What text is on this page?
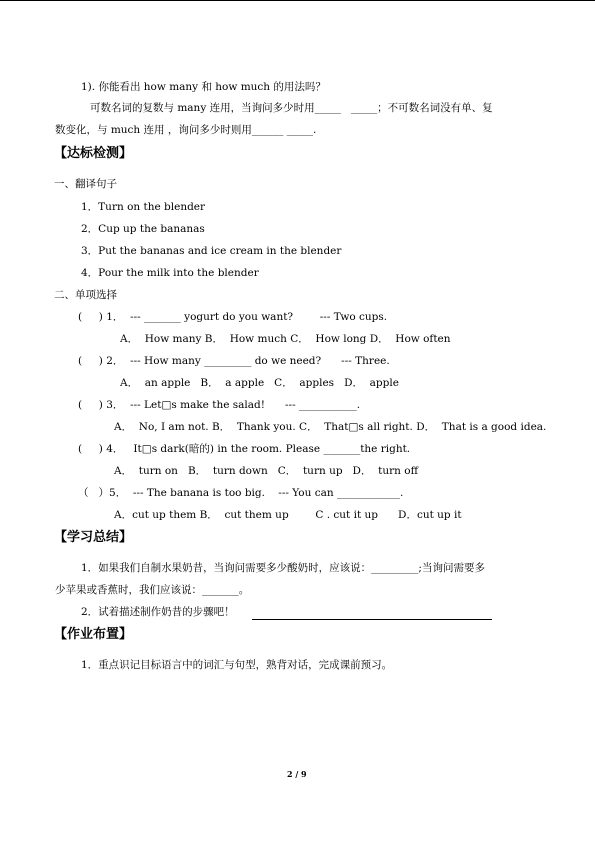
1). 你能看出 how many 和 how much 的用法吗？
可数名词的复数与 many 连用，当询问多少时用_____   _____；不可数名词没有单、复
数变化，与 much 连用 ，询问多少时则用______ _____.
【达标检测】
一、翻译句子
1．Turn on the blender
2．Cup up the bananas
3．Put the bananas and ice cream in the blender
4．Pour the milk into the blender
二、单项选择
(     ) 1．  --- _______ yogurt do you want?        --- Two cups.
A．  How many B．  How much C．  How long D．  How often
(     ) 2．  --- How many _________ do we need?      --- Three.
A．  an apple   B．  a apple   C．  apples   D．  apple
(     ) 3．  --- Let□s make the salad!      --- ___________.
A．  No, I am not. B．  Thank you. C．  That□s all right. D．  That is a good idea.
(     ) 4．   It□s dark(暗的) in the room. Please _______the right.
A．  turn on   B．  turn down   C．  turn up   D．  turn off
（   ）5．  --- The banana is too big.    --- You can ____________.
A．cut up them B．  cut them up        C . cut it up      D．cut up it
【学习总结】
1．如果我们自制水果奶昔，当询问需要多少酸奶时，应该说：_________;当询问需要多
少苹果或香蕉时，我们应该说：_______。
2．试着描述制作奶昔的步骤吧！
【作业布置】
1．重点识记目标语言中的词汇与句型，熟背对话，完成课前预习。
2 / 9
